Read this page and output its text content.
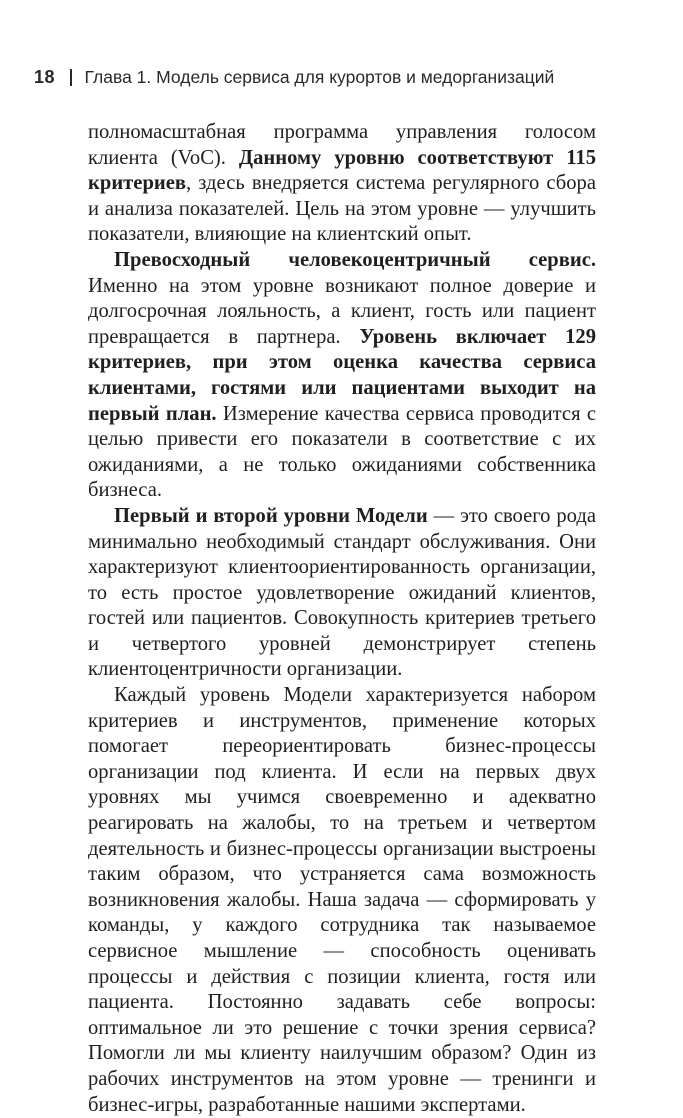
18 Глава 1. Модель сервиса для курортов и медорганизаций

полномасштабная программа управления голосом клиента (VoC). Данному уровню соответствуют 115 критериев, здесь внедряется система регулярного сбора и анализа показателей. Цель на этом уровне — улучшить показатели, влияющие на клиентский опыт.

Превосходный человекоцентричный сервис. Именно на этом уровне возникают полное доверие и долгосрочная лояльность, а клиент, гость или пациент превращается в партнера. Уровень включает 129 критериев, при этом оценка качества сервиса клиентами, гостями или пациентами выходит на первый план. Измерение качества сервиса проводится с целью привести его показатели в соответствие с их ожиданиями, а не только ожиданиями собственника бизнеса.

Первый и второй уровни Модели — это своего рода минимально необходимый стандарт обслуживания. Они характеризуют клиентоориентированность организации, то есть простое удовлетворение ожиданий клиентов, гостей или пациентов. Совокупность критериев третьего и четвертого уровней демонстрирует степень клиентоцентричности организации.

Каждый уровень Модели характеризуется набором критериев и инструментов, применение которых помогает переориентировать бизнес-процессы организации под клиента. И если на первых двух уровнях мы учимся своевременно и адекватно реагировать на жалобы, то на третьем и четвертом деятельность и бизнес-процессы организации выстроены таким образом, что устраняется сама возможность возникновения жалобы. Наша задача — сформировать у команды, у каждого сотрудника так называемое сервисное мышление — способность оценивать процессы и действия с позиции клиента, гостя или пациента. Постоянно задавать себе вопросы: оптимальное ли это решение с точки зрения сервиса? Помогли ли мы клиенту наилучшим образом? Один из рабочих инструментов на этом уровне — тренинги и бизнес-игры, разработанные нашими экспертами.
